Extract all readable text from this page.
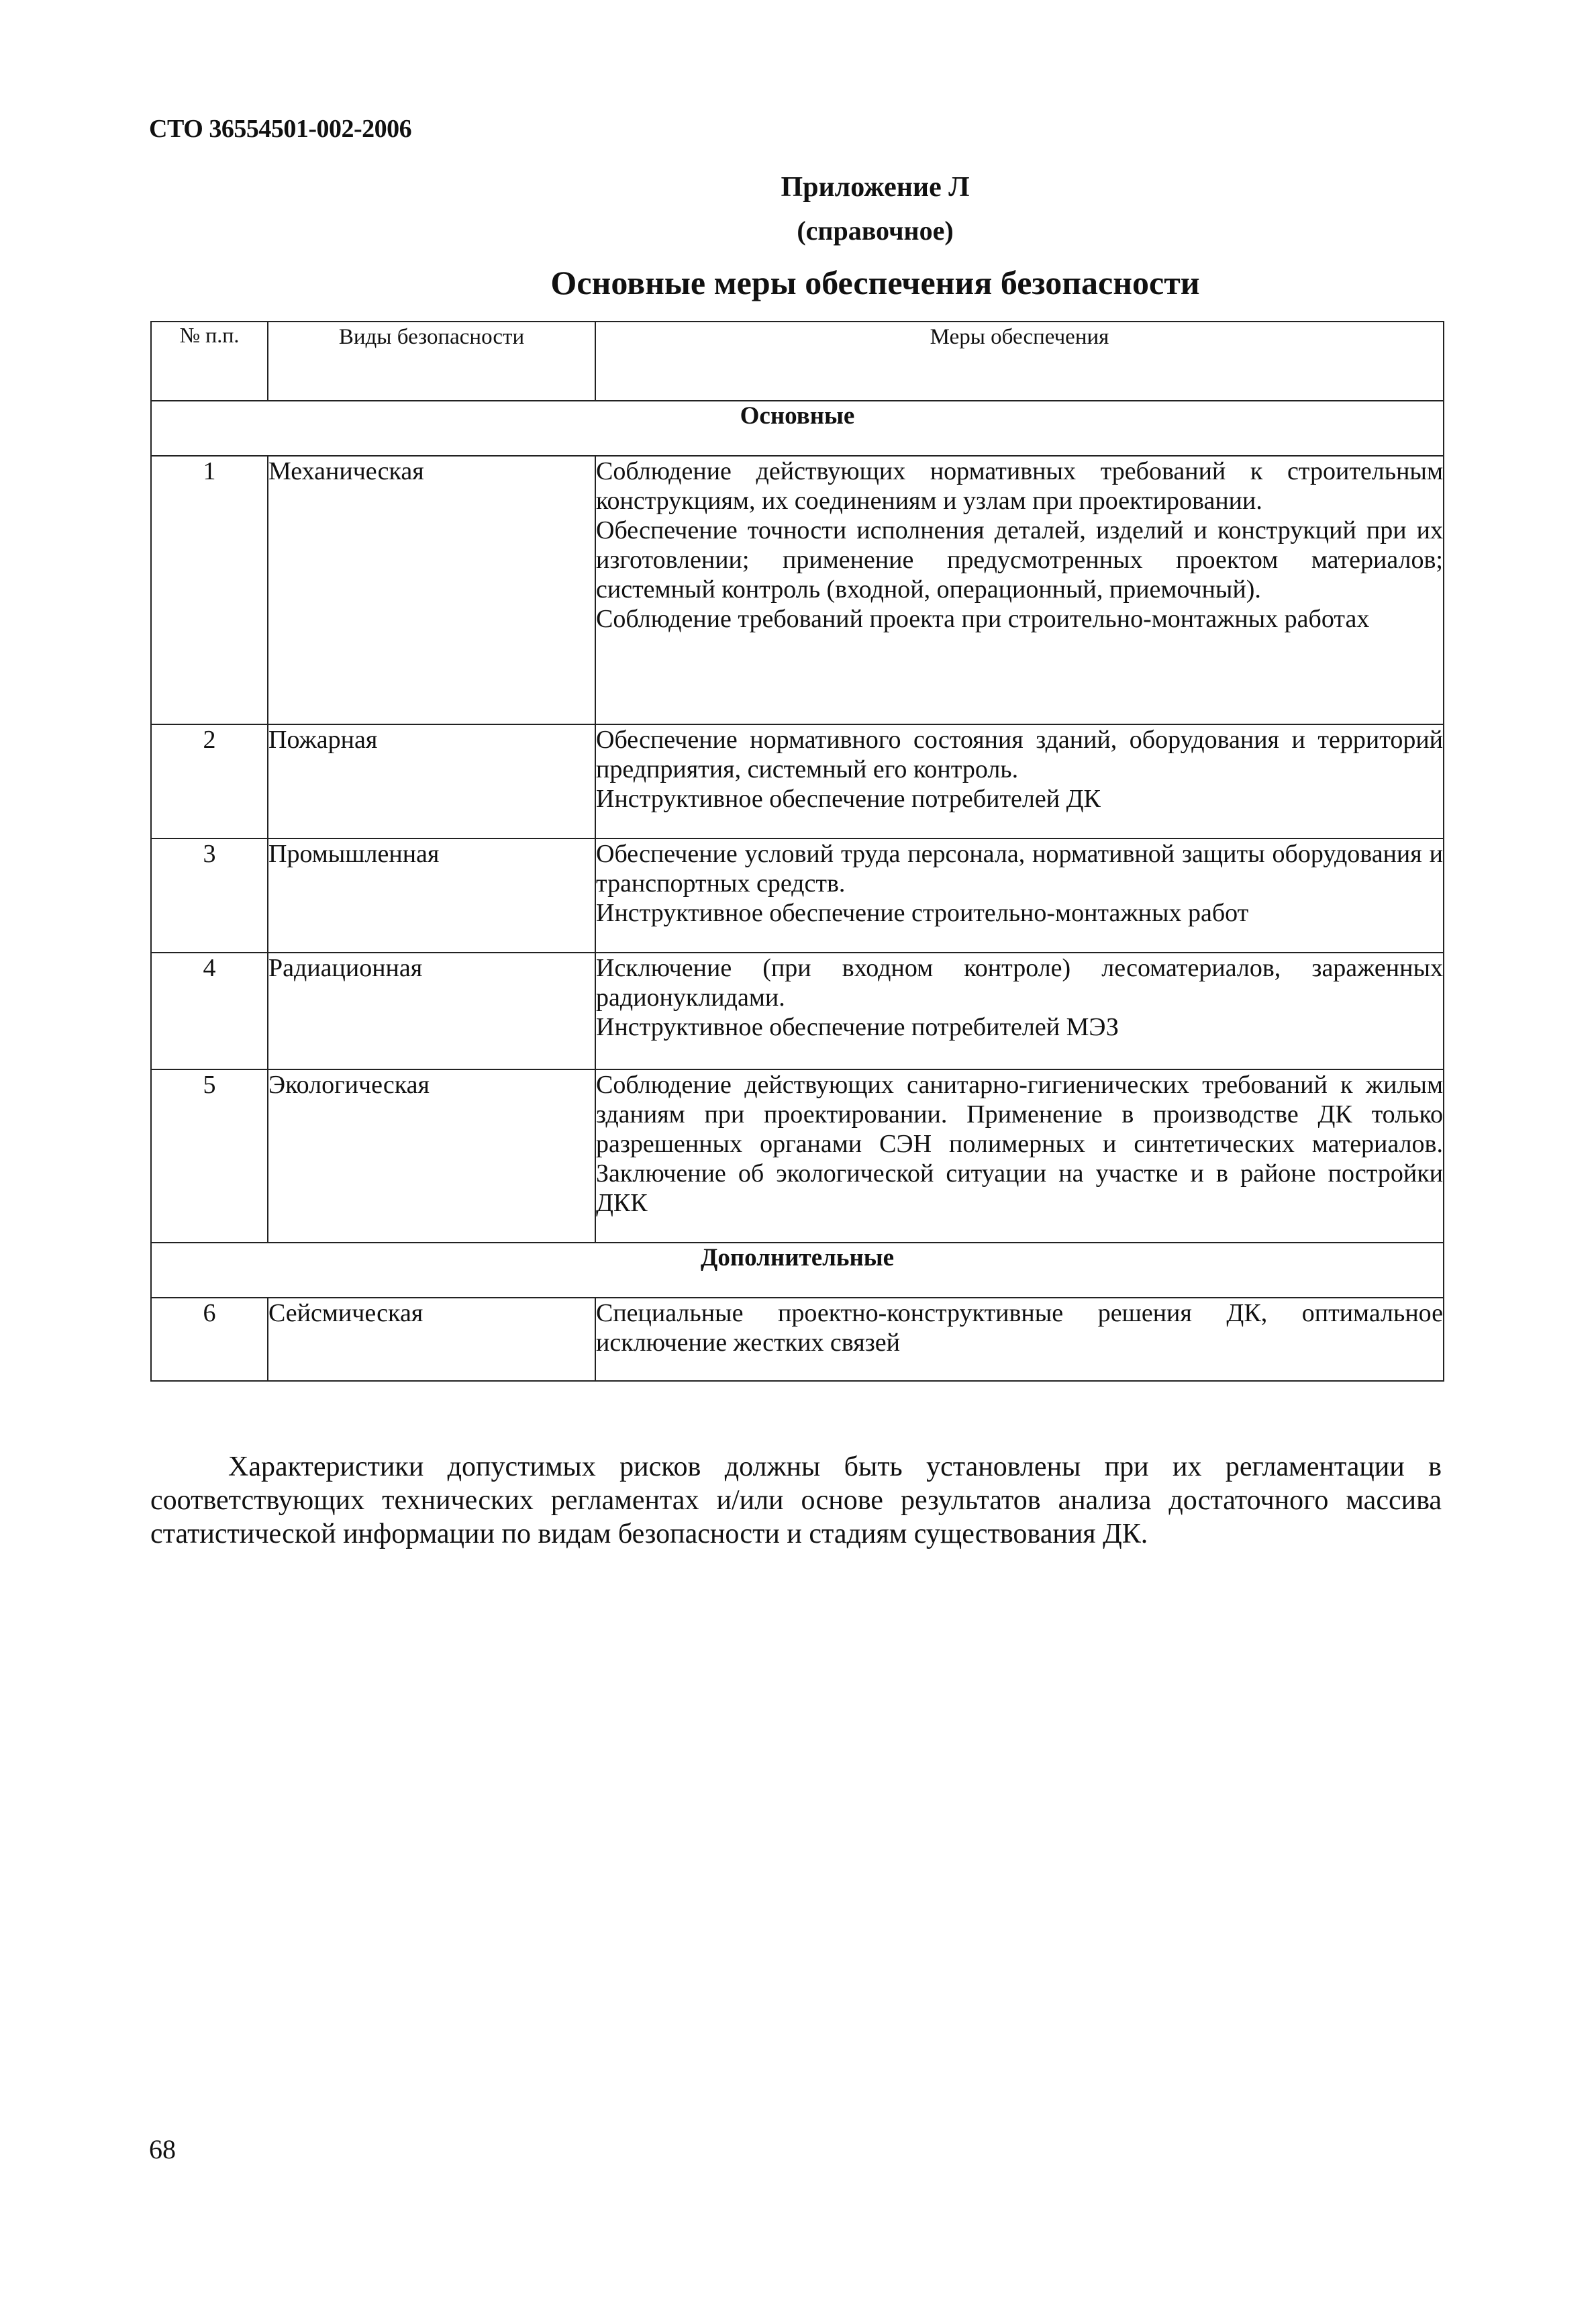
СТО 36554501-002-2006
Приложение Л
(справочное)
Основные меры обеспечения безопасности
№ п.п.	Виды безопасности	Меры обеспечения
Основные		
1	Механическая	Соблюдение действующих нормативных требований к строительным конструкциям, их соединениям и узлам при проектировании.
Обеспечение точности исполнения деталей, изделий и конструкций при их изготовлении; применение предусмотренных проектом материалов; системный контроль (входной, операционный, приемочный).
Соблюдение требований проекта при строительно-монтажных работах

2	Пожарная	Обеспечение нормативного состояния зданий, оборудования и территорий предприятия, системный его контроль.
Инструктивное обеспечение потребителей ДК

3	Промышленная	Обеспечение условий труда персонала, нормативной защиты оборудования и транспортных средств.
Инструктивное обеспечение строительно-монтажных работ

4	Радиационная	Исключение (при входном контроле) лесоматериалов, зараженных радионуклидами.
Инструктивное обеспечение потребителей МЭЗ

5	Экологическая	Соблюдение действующих санитарно-гигиенических требований к жилым зданиям при проектировании. Применение в производстве ДК только разрешенных органами СЭН полимерных и синтетических материалов. Заключение об экологической ситуации на участке и в районе постройки ДКК

Дополнительные		
6	Сейсмическая	Специальные проектно-конструктивные решения ДК, оптимальное исключение жестких связей

Характеристики допустимых рисков должны быть установлены при их регламентации в соответствующих технических регламентах и/или основе результатов анализа достаточного массива статистической информации по видам безопасности и стадиям существования ДК.

68
